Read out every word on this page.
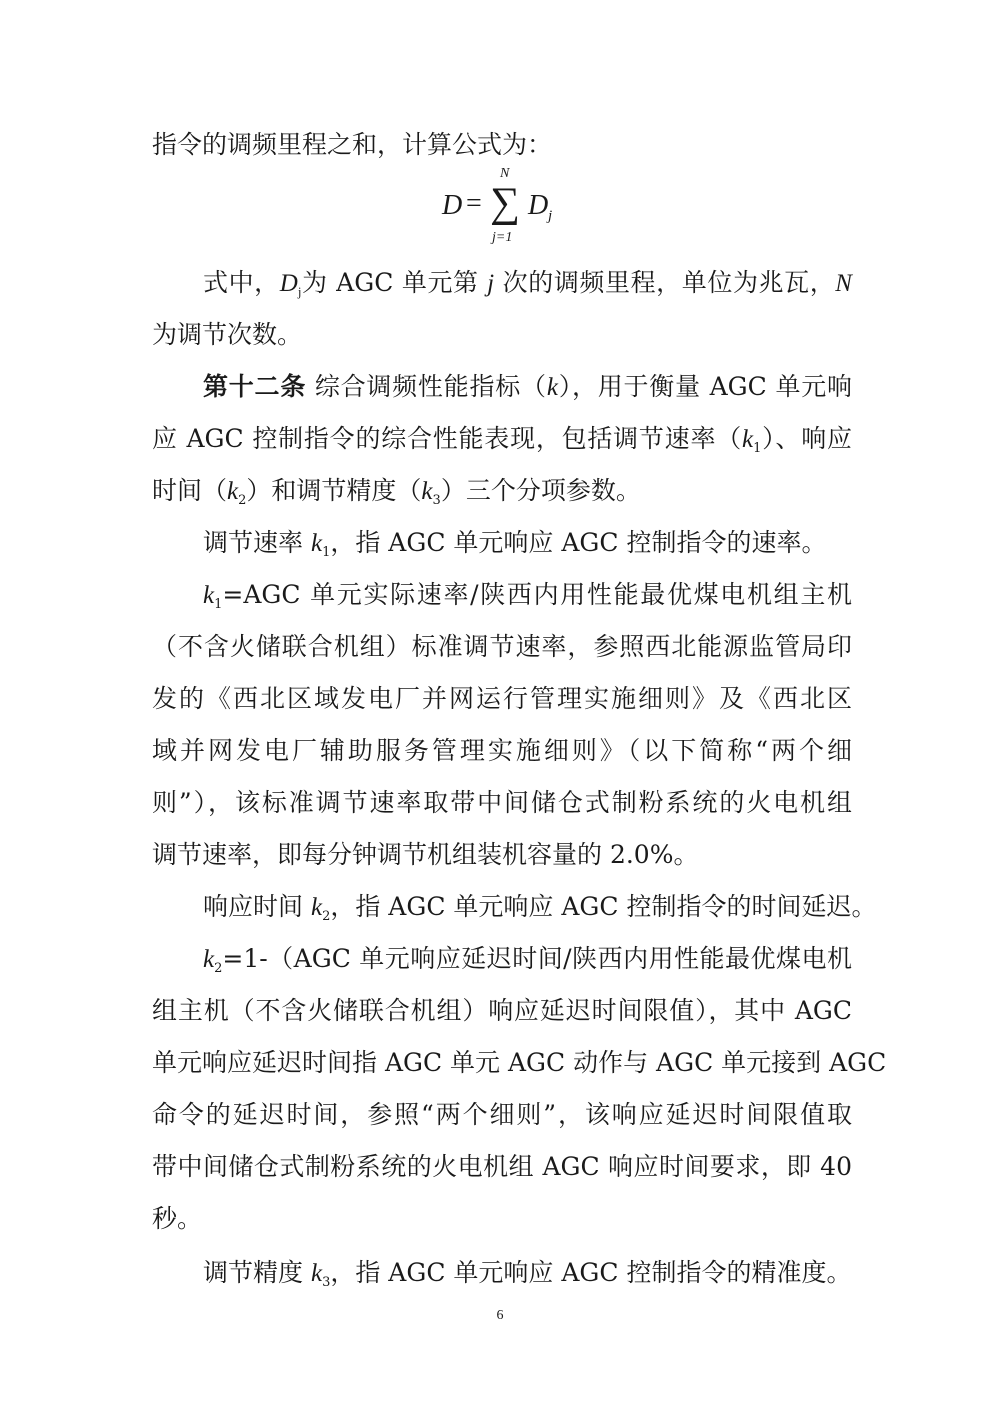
指令的调频里程之和，计算公式为：
D = ∑
N
j=1
D j
式中，$D_j$为 AGC 单元第 j 次的调频里程，单位为兆瓦，N
为调节次数。
第十二条 综合调频性能指标（k），用于衡量 AGC 单元响
应 AGC 控制指令的综合性能表现，包括调节速率$(k_1)$、响应
时间$(k_2)$和调节精度$(k_3)$三个分项参数。
调节速率 $k_1$，指 AGC 单元响应 AGC 控制指令的速率。
$k_1=AGC$ 单元实际速率/陕西内用性能最优煤电机组主机
（不含火储联合机组）标准调节速率，参照西北能源监管局印
发的《西北区域发电厂并网运行管理实施细则》及《西北区
域并网发电厂辅助服务管理实施细则》（以下简称“两个细
则”），该标准调节速率取带中间储仓式制粉系统的火电机组
调节速率，即每分钟调节机组装机容量的 2.0%。
响应时间 $k_2$，指 AGC 单元响应 AGC 控制指令的时间延迟。
$k_2=1-(AGC$ 单元响应延迟时间/陕西内用性能最优煤电机
组主机（不含火储联合机组）响应延迟时间限值），其中 AGC
单元响应延迟时间指 AGC 单元 AGC 动作与 AGC 单元接到 AGC
命令的延迟时间，参照“两个细则”，该响应延迟时间限值取
带中间储仓式制粉系统的火电机组 AGC 响应时间要求，即 40
秒。
调节精度 $k_3$，指 AGC 单元响应 AGC 控制指令的精准度。
6
